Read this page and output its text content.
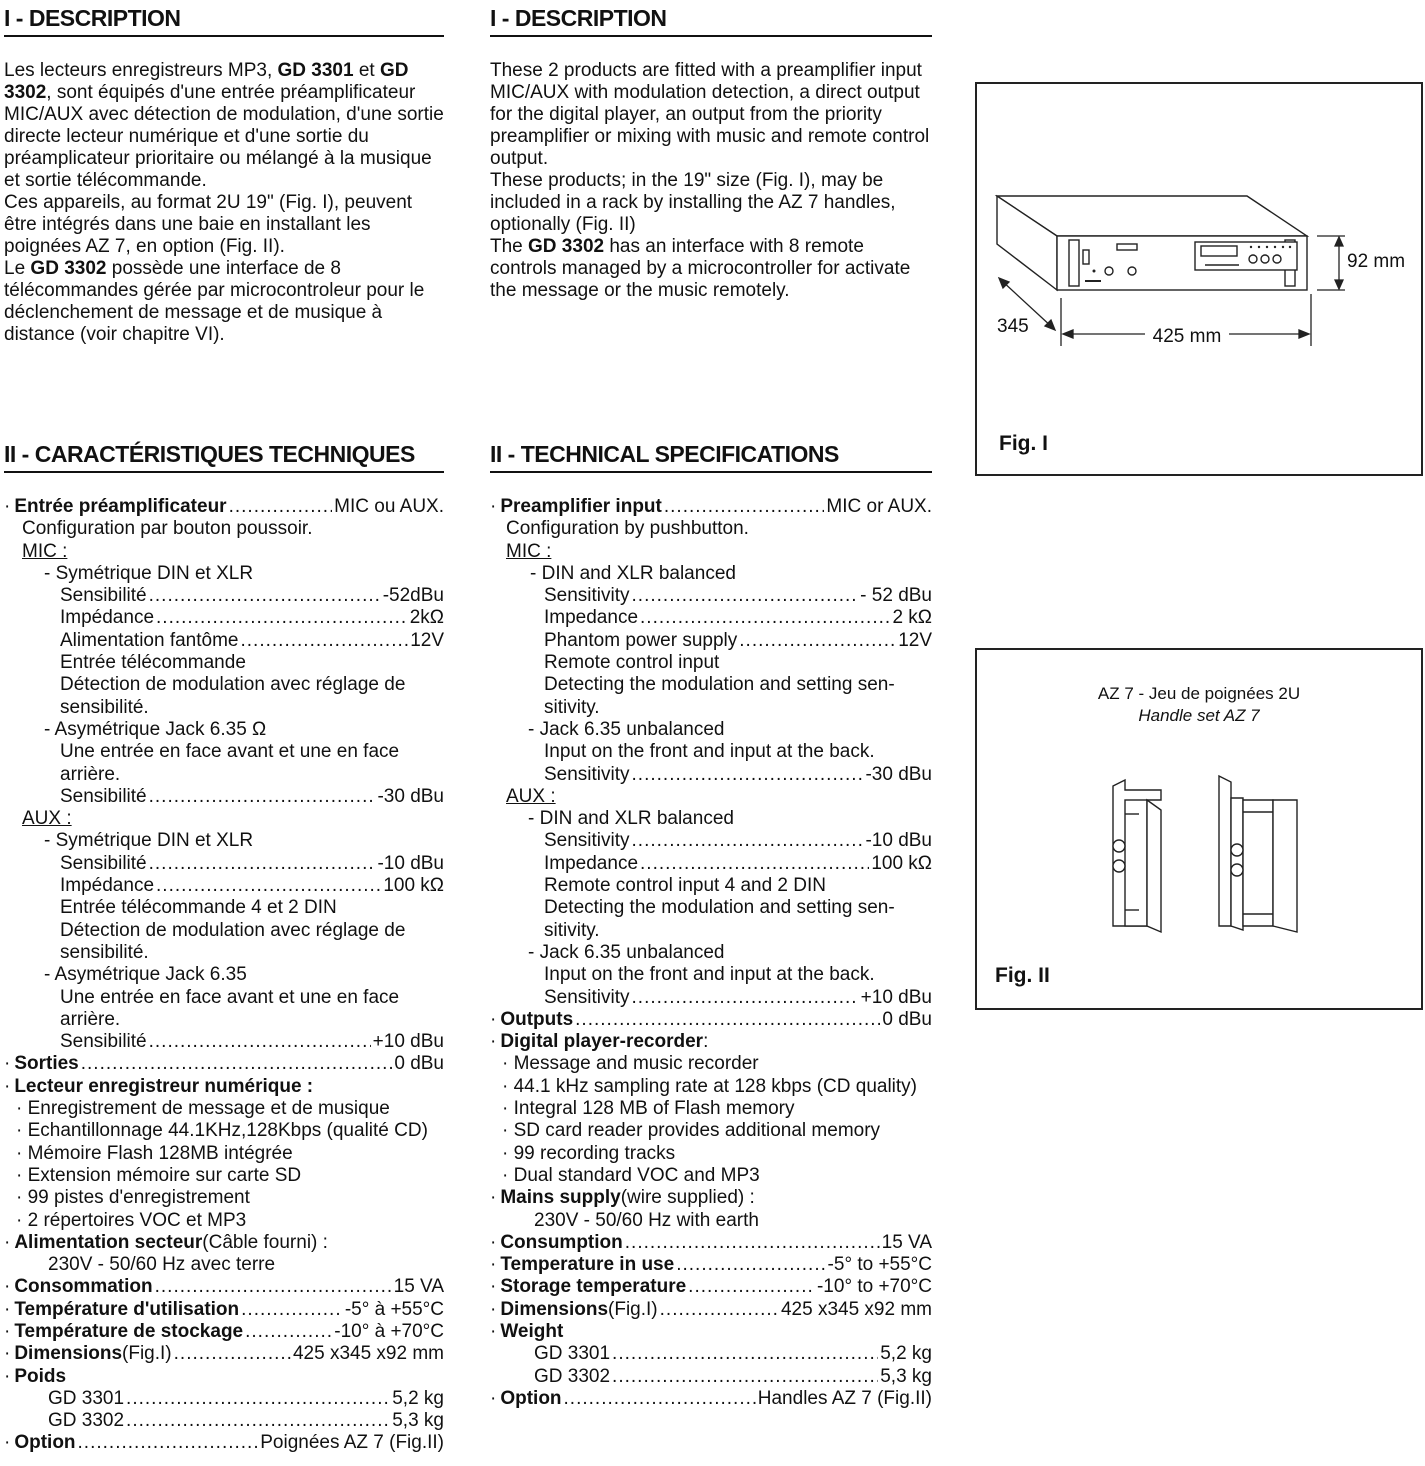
I - DESCRIPTION

Les lecteurs enregistreurs MP3, GD 3301 et GD 3302, sont équipés d'une entrée préamplificateur MIC/AUX avec détection de modulation, d'une sortie directe lecteur numérique et d'une sortie du préamplicateur prioritaire ou mélangé à la musique et sortie télécommande.

Ces appareils, au format 2U 19" (Fig. I), peuvent être intégrés dans une baie en installant les poignées AZ 7, en option (Fig. II).

Le GD 3302 possède une interface de 8 télécommandes gérée par microcontroleur pour le déclenchement de message et de musique à distance (voir chapitre VI).

II - CARACTÉRISTIQUES TECHNIQUES
· Entrée préamplificateur .....	MIC ou AUX.
Configuration par bouton poussoir.
MIC :
- Symétrique DIN et XLR
Sensibilité .....	-52dBu
Impédance .....	2kΩ
Alimentation fantôme .....	12V
Entrée télécommande
Détection de modulation avec réglage de
sensibilité.
- Asymétrique Jack 6.35 Ω
Une entrée en face avant et une en face
arrière.
Sensibilité .....	-30 dBu
AUX :
- Symétrique DIN et XLR
Sensibilité .....	-10 dBu
Impédance .....	100 kΩ
Entrée télécommande 4 et 2 DIN
Détection de modulation avec réglage de
sensibilité.
- Asymétrique Jack 6.35
Une entrée en face avant et une en face
arrière.
Sensibilité .....	+10 dBu
· Sorties .....	0 dBu
· Lecteur enregistreur numérique :
· Enregistrement de message et de musique
· Echantillonnage 44.1KHz,128Kbps (qualité CD)
· Mémoire Flash 128MB intégrée
· Extension mémoire sur carte SD
· 99 pistes d'enregistrement
· 2 répertoires VOC et MP3
· Alimentation secteur (Câble fourni) :
230V - 50/60 Hz avec terre
· Consommation .....	15 VA
· Température d'utilisation .....	-5° à +55°C
· Température de stockage .....	-10° à +70°C
· Dimensions (Fig.I) .....	425 x345 x92 mm
· Poids
GD 3301 .....	5,2 kg
GD 3302 .....	5,3 kg
· Option .....	Poignées AZ 7 (Fig.II)
I - DESCRIPTION

These 2 products are fitted with a preamplifier input MIC/AUX with modulation detection, a direct output for the digital player, an output from the priority preamplifier or mixing with music and remote control output.

These products; in the 19" size (Fig. I), may be included in a rack by installing the AZ 7 handles, optionally (Fig. II)

The GD 3302 has an interface with 8 remote controls managed by a microcontroller for activate the message or the music remotely.

II - TECHNICAL SPECIFICATIONS
· Preamplifier input .....	MIC or AUX.
Configuration by pushbutton.
MIC :
- DIN and XLR balanced
Sensitivity .....	- 52 dBu
Impedance .....	2 kΩ
Phantom power supply .....	12V
Remote control input
Detecting the modulation and setting sen-
sitivity.
- Jack 6.35 unbalanced
Input on the front and input at the back.
Sensitivity .....	-30 dBu
AUX :
- DIN and XLR balanced
Sensitivity .....	-10 dBu
Impedance .....	100 kΩ
Remote control input 4 and 2 DIN
Detecting the modulation and setting sen-
sitivity.
- Jack 6.35 unbalanced
Input on the front and input at the back.
Sensitivity .....	+10 dBu
· Outputs .....	0 dBu
· Digital player-recorder :
· Message and music recorder
· 44.1 kHz sampling rate at 128 kbps (CD quality)
· Integral 128 MB of Flash memory
· SD card reader provides additional memory
· 99 recording tracks
· Dual standard VOC and MP3
· Mains supply (wire supplied) :
230V - 50/60 Hz with earth
· Consumption .....	15 VA
· Temperature in use .....	-5° to +55°C
· Storage temperature .....	-10° to +70°C
· Dimensions (Fig.I) .....	425 x345 x92 mm
· Weight
GD 3301 .....	5,2 kg
GD 3302 .....	5,3 kg
· Option .....	Handles AZ 7 (Fig.II)
92 mm
425 mm
345
Fig. I
AZ 7 - Jeu de poignées 2U
Handle set AZ 7
Fig. II
